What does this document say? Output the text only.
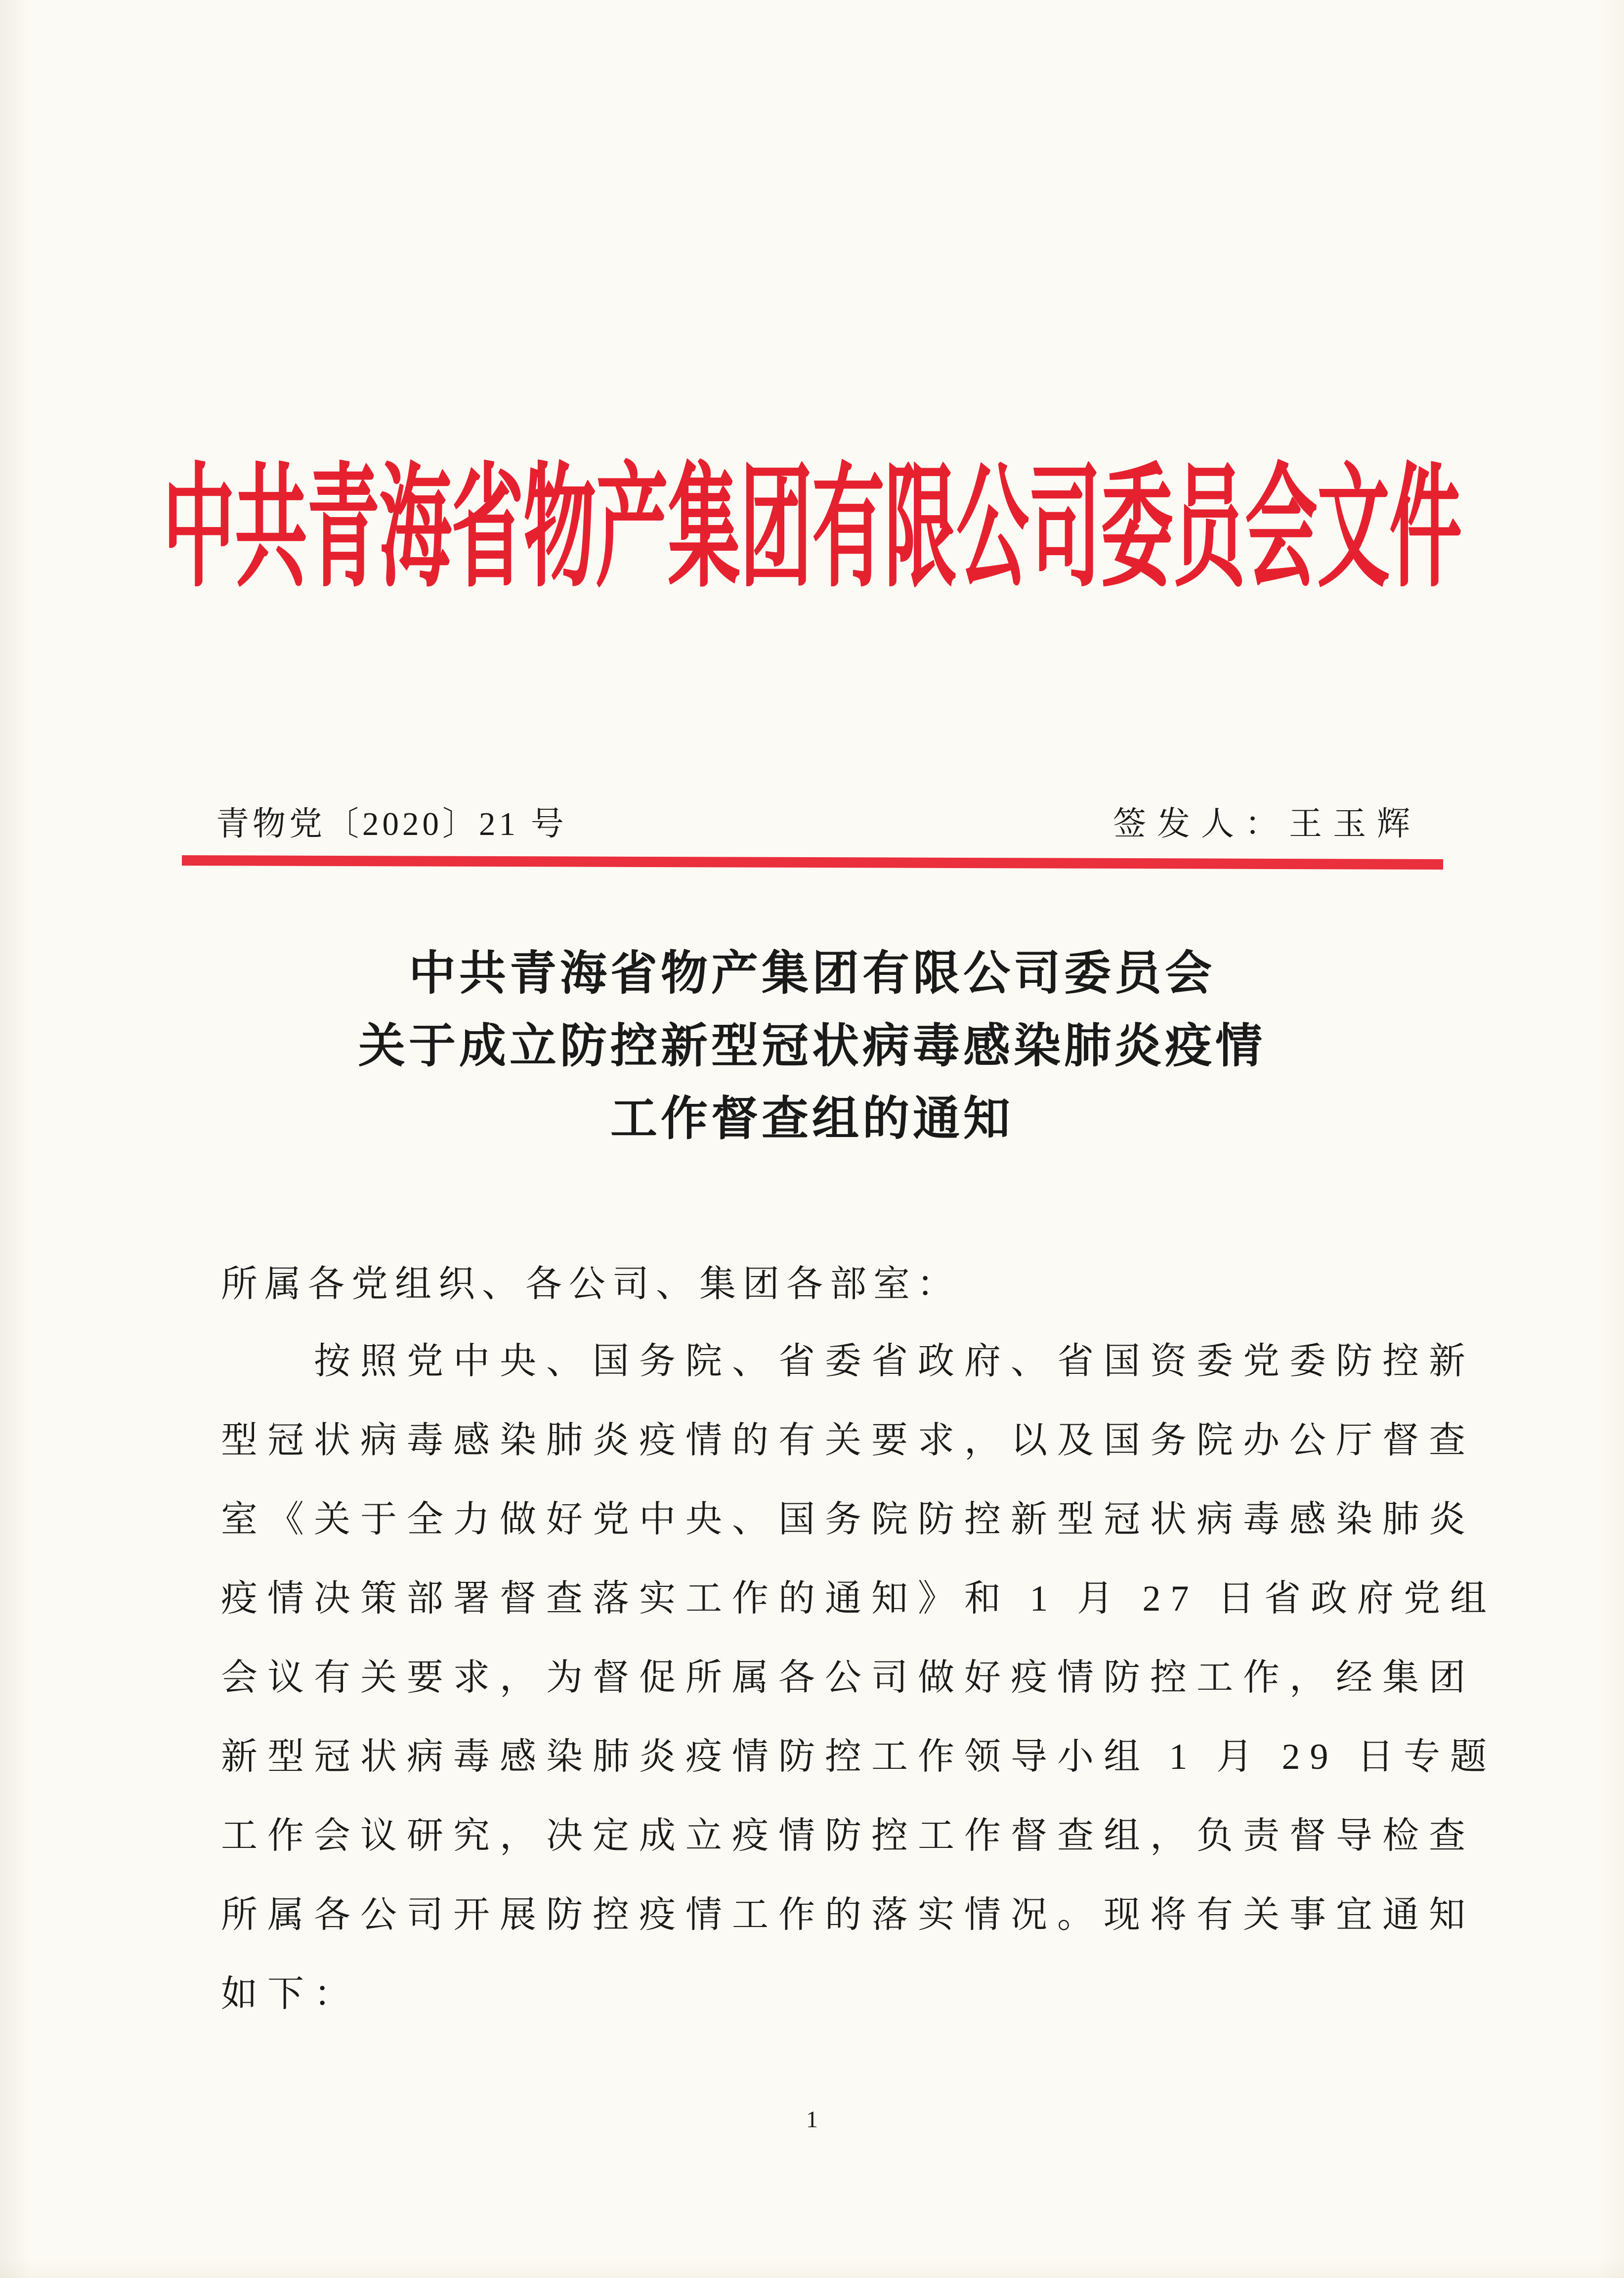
中共青海省物产集团有限公司委员会文件
青物党〔2020〕21 号	签发人：王玉辉
中共青海省物产集团有限公司委员会
关于成立防控新型冠状病毒感染肺炎疫情
工作督查组的通知
所属各党组织、各公司、集团各部室：
按照党中央、国务院、省委省政府、省国资委党委防控新
型冠状病毒感染肺炎疫情的有关要求，以及国务院办公厅督查
室《关于全力做好党中央、国务院防控新型冠状病毒感染肺炎
疫情决策部署督查落实工作的通知》和 1 月 27 日省政府党组
会议有关要求，为督促所属各公司做好疫情防控工作，经集团
新型冠状病毒感染肺炎疫情防控工作领导小组 1 月 29 日专题
工作会议研究，决定成立疫情防控工作督查组，负责督导检查
所属各公司开展防控疫情工作的落实情况。现将有关事宜通知
如下：
1
